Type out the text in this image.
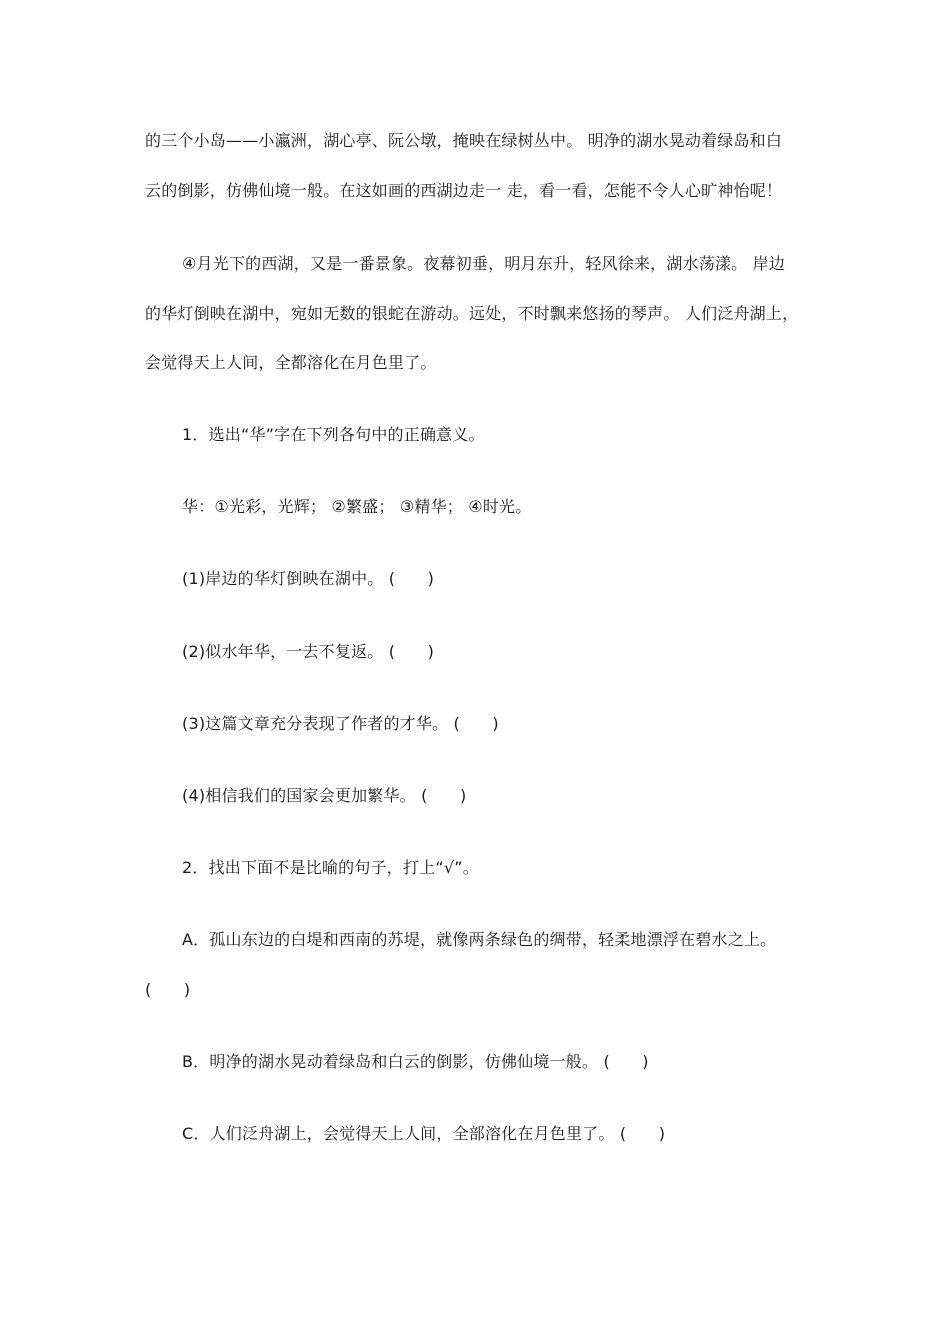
的三个小岛——小瀛洲，湖心亭、阮公墩，掩映在绿树丛中。 明净的湖水晃动着绿岛和白
云的倒影，仿佛仙境一般。在这如画的西湖边走一 走，看一看，怎能不令人心旷神怡呢！
④月光下的西湖，又是一番景象。夜幕初垂，明月东升，轻风徐来，湖水荡漾。 岸边
的华灯倒映在湖中，宛如无数的银蛇在游动。远处，不时飘来悠扬的琴声。 人们泛舟湖上，
会觉得天上人间，全都溶化在月色里了。
1．选出“华”字在下列各句中的正确意义。
华：①光彩，光辉； ②繁盛； ③精华； ④时光。
(1)岸边的华灯倒映在湖中。 (　　)
(2)似水年华，一去不复返。 (　　)
(3)这篇文章充分表现了作者的才华。 (　　)
(4)相信我们的国家会更加繁华。 (　　)
2．找出下面不是比喻的句子，打上“√”。
A．孤山东边的白堤和西南的苏堤，就像两条绿色的绸带，轻柔地漂浮在碧水之上。
(　　)
B．明净的湖水晃动着绿岛和白云的倒影，仿佛仙境一般。 (　　)
C．人们泛舟湖上，会觉得天上人间，全部溶化在月色里了。 (　　)
